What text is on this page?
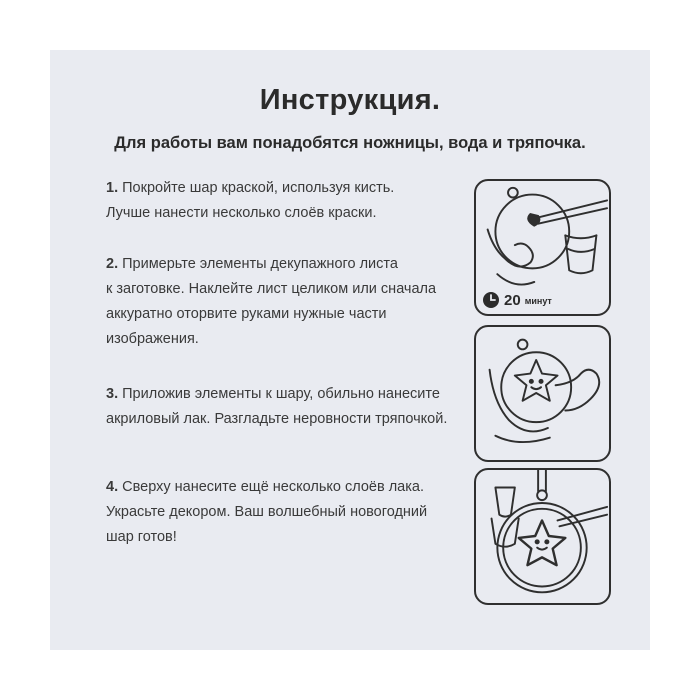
Инструкция.
Для работы вам понадобятся ножницы, вода и тряпочка.
1. Покройте шар краской, используя кисть.
Лучше нанести несколько слоёв краски.
2. Примерьте элементы декупажного листа
к заготовке. Наклейте лист целиком или сначала
аккуратно оторвите руками нужные части
изображения.
3. Приложив элементы к шару, обильно нанесите
акриловый лак. Разгладьте неровности тряпочкой.
4. Сверху нанесите ещё несколько слоёв лака.
Украсьте декором. Ваш волшебный новогодний
шар готов!
20 минут
